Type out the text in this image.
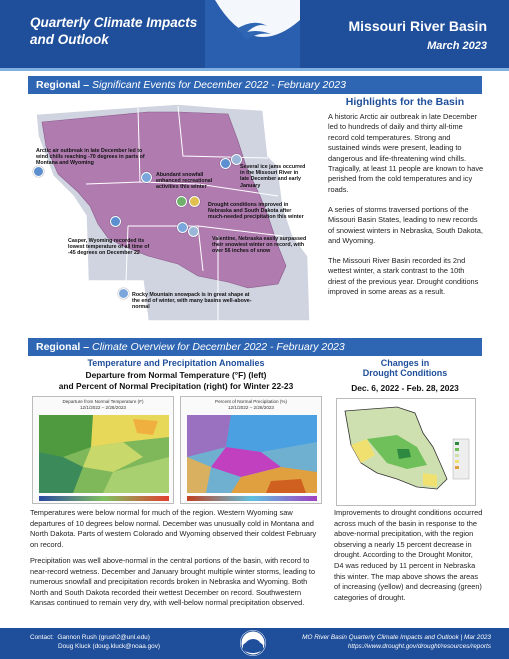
Quarterly Climate Impacts
and Outlook
Missouri River Basin
March 2023
Regional – Significant Events for December 2022 - February 2023
Arctic air outbreak in late December led to wind chills reaching -70 degrees in parts of Montana and Wyoming
Abundant snowfall enhanced recreational activities this winter
Several ice jams occurred in the Missouri River in late December and early January
Drought conditions improved in Nebraska and South Dakota after much-needed precipitation this winter
Casper, Wyoming recorded its lowest temperature of all time of -45 degrees on December 22
Valentine, Nebraska easily surpassed their snowiest winter on record, with over 56 inches of snow
Rocky Mountain snowpack is in great shape at the end of winter, with many basins well-above-normal
Highlights for the Basin
A historic Arctic air outbreak in late December led to hundreds of daily and thirty all-time record cold temperatures. Strong and sustained winds were present, leading to dangerous and life-threatening wind chills. Tragically, at least 11 people are known to have perished from the cold temperatures and icy roads.
A series of storms traversed portions of the Missouri Basin States, leading to new records of snowiest winters in Nebraska, South Dakota, and Wyoming.
The Missouri River Basin recorded its 2nd wettest winter, a stark contrast to the 10th driest of the previous year. Drought conditions improved in some areas as a result.
Regional – Climate Overview for December 2022 - February 2023
Temperature and Precipitation Anomalies
Departure from Normal Temperature (°F) (left)
and Percent of Normal Precipitation (right) for Winter 22-23
Departure from Normal Temperature (F)
12/1/2022 – 2/28/2023
Percent of Normal Precipitation (%)
12/1/2022 – 2/28/2023
Changes in
Drought Conditions
Dec. 6, 2022 - Feb. 28, 2023
Improvements to drought conditions occurred across much of the basin in response to the above-normal precipitation, with the region observing a nearly 15 percent decrease in drought. According to the Drought Monitor, D4 was reduced by 11 percent in Nebraska this winter. The map above shows the areas of increasing (yellow) and decreasing (green) categories of drought.
Temperatures were below normal for much of the region. Western Wyoming saw departures of 10 degrees below normal. December was unusually cold in Montana and North Dakota. Parts of western Colorado and Wyoming observed their coldest February on record.
Precipitation was well above-normal in the central portions of the basin, with record to near-record wetness. December and January brought multiple winter storms, leading to numerous snowfall and precipitation records broken in Nebraska and Wyoming. Both North and South Dakota recorded their wettest December on record. Southwestern Kansas continued to remain very dry, with well-below normal precipitation observed.
Contact: Gannon Rush (grush2@unl.edu)
Doug Kluck (doug.kluck@noaa.gov)
MO River Basin Quarterly Climate Impacts and Outlook | Mar 2023
https://www.drought.gov/drought/resources/reports
